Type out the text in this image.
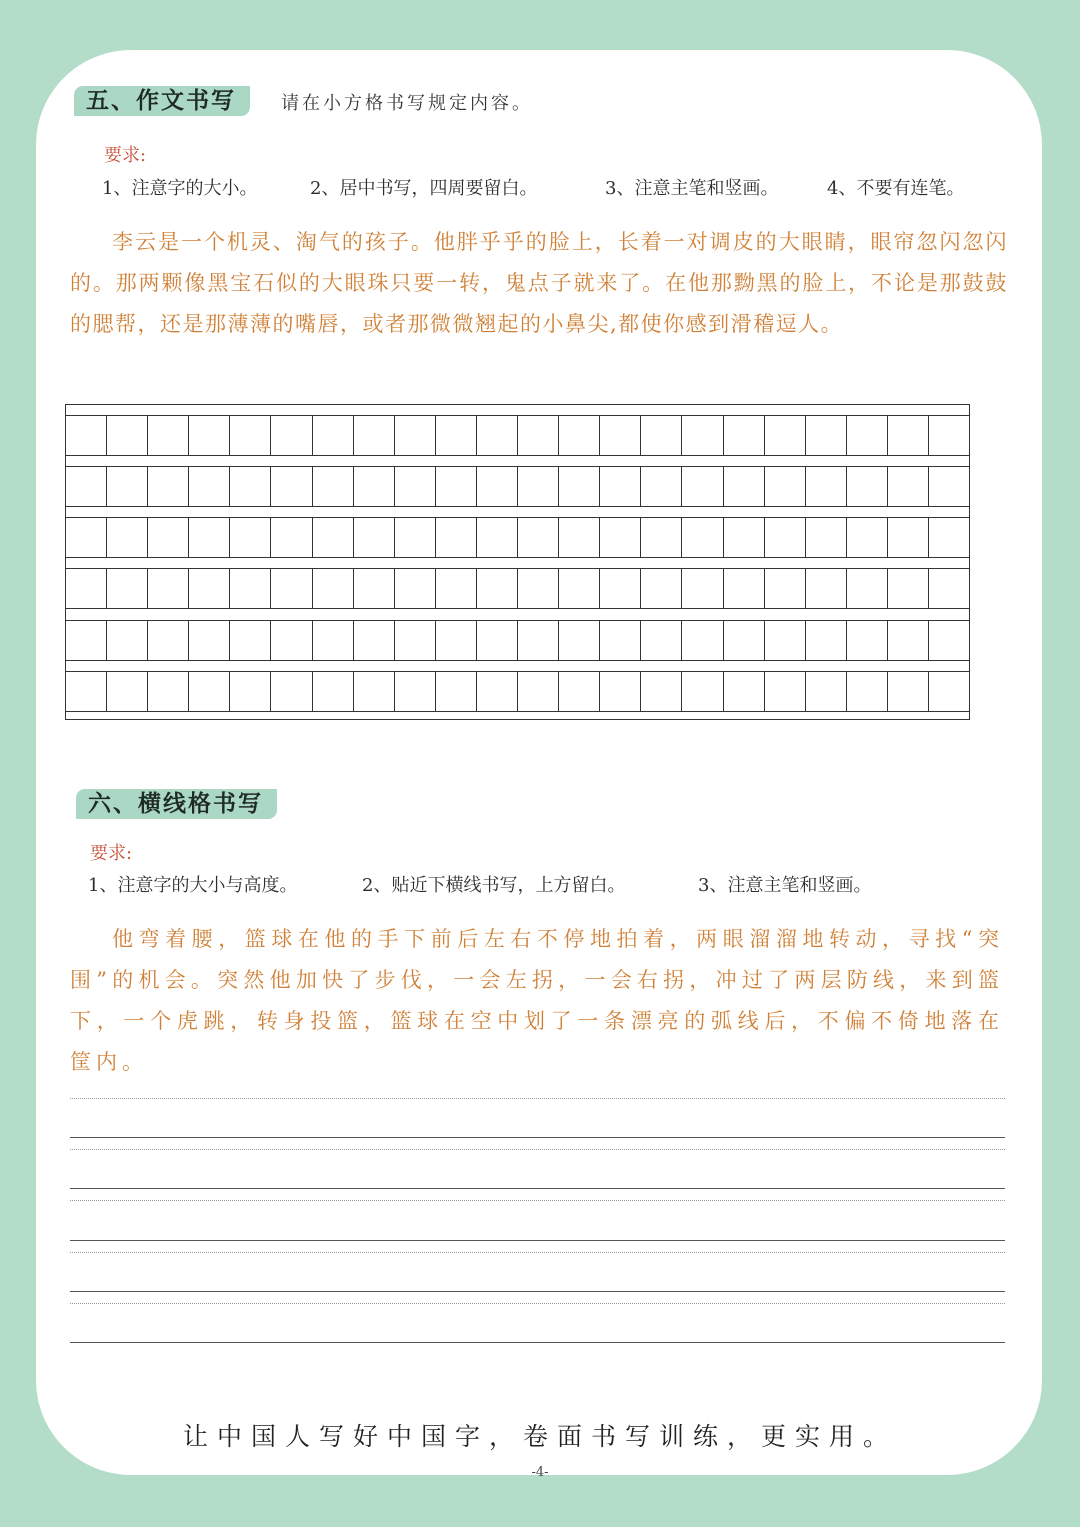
五、作文书写	请在小方格书写规定内容。
要求:
1、注意字的大小。	2、居中书写，四周要留白。	3、注意主笔和竖画。	4、不要有连笔。
李云是一个机灵、淘气的孩子。他胖乎乎的脸上，长着一对调皮的大眼睛，眼帘忽闪忽闪的。那两颗像黑宝石似的大眼珠只要一转，鬼点子就来了。在他那黝黑的脸上，不论是那鼓鼓的腮帮，还是那薄薄的嘴唇，或者那微微翘起的小鼻尖,都使你感到滑稽逗人。
六、横线格书写
要求:
1、注意字的大小与高度。	2、贴近下横线书写，上方留白。	3、注意主笔和竖画。
他弯着腰，篮球在他的手下前后左右不停地拍着，两眼溜溜地转动，寻找“突围”的机会。突然他加快了步伐，一会左拐，一会右拐，冲过了两层防线，来到篮下，一个虎跳，转身投篮，篮球在空中划了一条漂亮的弧线后，不偏不倚地落在筐内。
让中国人写好中国字，卷面书写训练，更实用。
-4-
